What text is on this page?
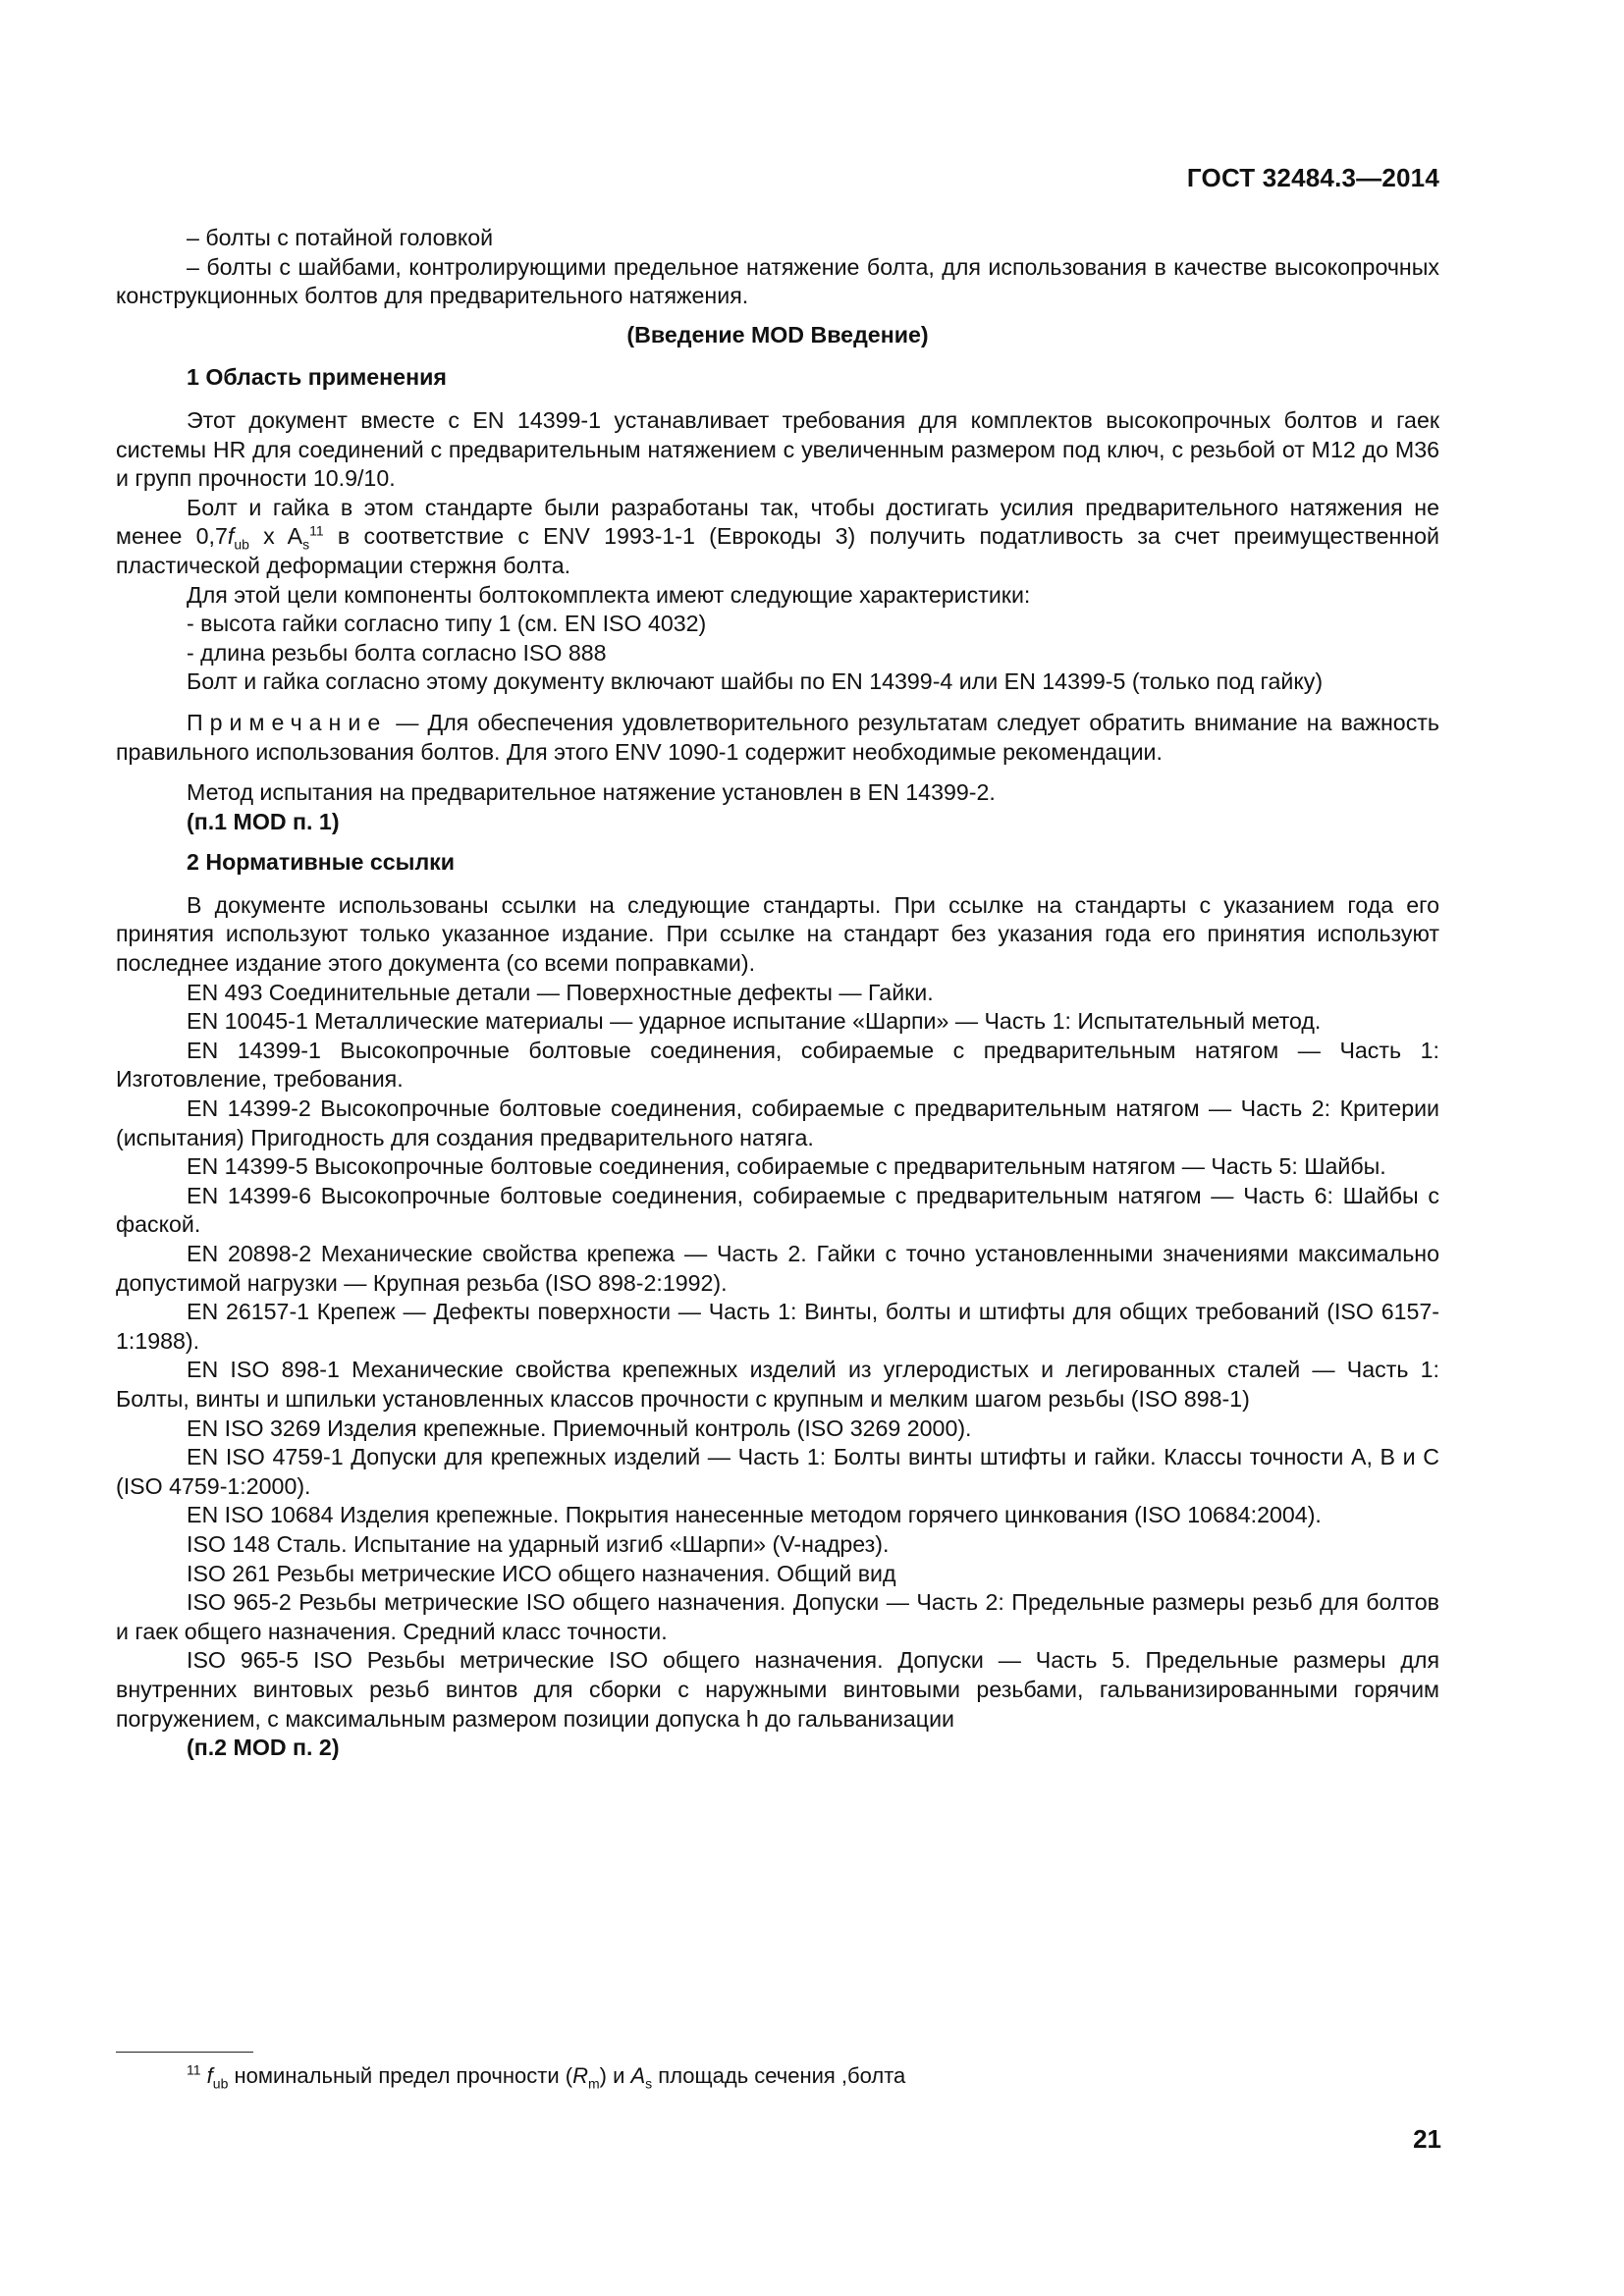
ГОСТ 32484.3—2014

– болты с потайной головкой

– болты с шайбами, контролирующими предельное натяжение болта, для использования в качестве высокопрочных конструкционных болтов для предварительного натяжения.

(Введение MOD Введение)

1 Область применения

Этот документ вместе с EN 14399-1 устанавливает требования для комплектов высокопрочных болтов и гаек системы HR для соединений с предварительным натяжением с увеличенным размером под ключ, с резьбой от М12 до М36 и групп прочности 10.9/10.

Болт и гайка в этом стандарте были разработаны так, чтобы достигать усилия предварительного натяжения не менее $0,7f_{ub}$ x $A_s^{11}$ в соответствие с ENV 1993-1-1 (Еврокоды 3) получить податливость за счет преимущественной пластической деформации стержня болта.

Для этой цели компоненты болтокомплекта имеют следующие характеристики:

- высота гайки согласно типу 1 (см. EN ISO 4032)

- длина резьбы болта согласно ISO 888

Болт и гайка согласно этому документу включают шайбы по EN 14399-4 или EN 14399-5 (только под гайку)

Примечание — Для обеспечения удовлетворительного результатам следует обратить внимание на важность правильного использования болтов. Для этого ENV 1090-1 содержит необходимые рекомендации.

Метод испытания на предварительное натяжение установлен в EN 14399-2.

(п.1 MOD п. 1)

2 Нормативные ссылки

В документе использованы ссылки на следующие стандарты. При ссылке на стандарты с указанием года его принятия используют только указанное издание. При ссылке на стандарт без указания года его принятия используют последнее издание этого документа (со всеми поправками).

EN 493 Соединительные детали — Поверхностные дефекты — Гайки.

EN 10045-1 Металлические материалы — ударное испытание «Шарпи» — Часть 1: Испытательный метод.

EN 14399-1 Высокопрочные болтовые соединения, собираемые с предварительным натягом — Часть 1: Изготовление, требования.

EN 14399-2 Высокопрочные болтовые соединения, собираемые с предварительным натягом — Часть 2: Критерии (испытания) Пригодность для создания предварительного натяга.

EN 14399-5 Высокопрочные болтовые соединения, собираемые с предварительным натягом — Часть 5: Шайбы.

EN 14399-6 Высокопрочные болтовые соединения, собираемые с предварительным натягом — Часть 6: Шайбы с фаской.

EN 20898-2 Механические свойства крепежа — Часть 2. Гайки с точно установленными значениями максимально допустимой нагрузки — Крупная резьба (ISO 898-2:1992).

EN 26157-1 Крепеж — Дефекты поверхности — Часть 1: Винты, болты и штифты для общих требований (ISO 6157-1:1988).

EN ISO 898-1 Механические свойства крепежных изделий из углеродистых и легированных сталей — Часть 1: Болты, винты и шпильки установленных классов прочности с крупным и мелким шагом резьбы (ISO 898-1)

EN ISO 3269 Изделия крепежные. Приемочный контроль (ISO 3269 2000).

EN ISO 4759-1 Допуски для крепежных изделий — Часть 1: Болты винты штифты и гайки. Классы точности А, В и С (ISO 4759-1:2000).

EN ISO 10684 Изделия крепежные. Покрытия нанесенные методом горячего цинкования (ISO 10684:2004).

ISO 148 Сталь. Испытание на ударный изгиб «Шарпи» (V-надрез).

ISO 261 Резьбы метрические ИСО общего назначения. Общий вид

ISO 965-2 Резьбы метрические ISO общего назначения. Допуски — Часть 2: Предельные размеры резьб для болтов и гаек общего назначения. Средний класс точности.

ISO 965-5 ISO Резьбы метрические ISO общего назначения. Допуски — Часть 5. Предельные размеры для внутренних винтовых резьб винтов для сборки с наружными винтовыми резьбами, гальванизированными горячим погружением, с максимальным размером позиции допуска h до гальванизации

(п.2 MOD п. 2)

$^{11}$ $f_{ub}$ номинальный предел прочности $(R_m)$ и $A_s$ площадь сечения ,болта
21
